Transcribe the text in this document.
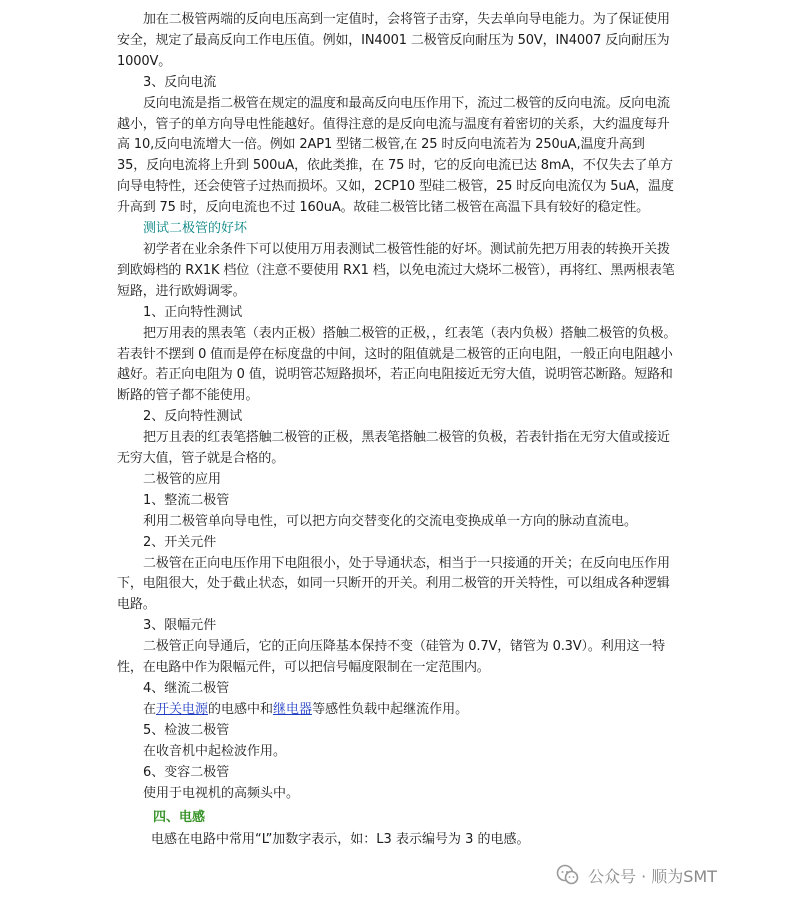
加在二极管两端的反向电压高到一定值时，会将管子击穿，失去单向导电能力。为了保证使用安全，规定了最高反向工作电压值。例如，IN4001 二极管反向耐压为 50V，IN4007 反向耐压为 1000V。

3、反向电流

反向电流是指二极管在规定的温度和最高反向电压作用下，流过二极管的反向电流。反向电流越小，管子的单方向导电性能越好。值得注意的是反向电流与温度有着密切的关系，大约温度每升高 10,反向电流增大一倍。例如 2AP1 型锗二极管,在 25 时反向电流若为 250uA,温度升高到 35，反向电流将上升到 500uA，依此类推，在 75 时，它的反向电流已达 8mA，不仅失去了单方向导电特性，还会使管子过热而损坏。又如，2CP10 型硅二极管，25 时反向电流仅为 5uA，温度升高到 75 时，反向电流也不过 160uA。故硅二极管比锗二极管在高温下具有较好的稳定性。

测试二极管的好坏

初学者在业余条件下可以使用万用表测试二极管性能的好坏。测试前先把万用表的转换开关拨到欧姆档的 RX1K 档位（注意不要使用 RX1 档，以免电流过大烧坏二极管），再将红、黑两根表笔短路，进行欧姆调零。

1、正向特性测试

把万用表的黑表笔（表内正极）搭触二极管的正极，，红表笔（表内负极）搭触二极管的负极。若表针不摆到 0 值而是停在标度盘的中间，这时的阻值就是二极管的正向电阻，一般正向电阻越小越好。若正向电阻为 0 值，说明管芯短路损坏，若正向电阻接近无穷大值，说明管芯断路。短路和断路的管子都不能使用。

2、反向特性测试

把万且表的红表笔搭触二极管的正极，黑表笔搭触二极管的负极，若表针指在无穷大值或接近无穷大值，管子就是合格的。

二极管的应用

1、整流二极管

利用二极管单向导电性，可以把方向交替变化的交流电变换成单一方向的脉动直流电。

2、开关元件

二极管在正向电压作用下电阻很小，处于导通状态，相当于一只接通的开关；在反向电压作用下，电阻很大，处于截止状态，如同一只断开的开关。利用二极管的开关特性，可以组成各种逻辑电路。

3、限幅元件

二极管正向导通后，它的正向压降基本保持不变（硅管为 0.7V，锗管为 0.3V）。利用这一特性，在电路中作为限幅元件，可以把信号幅度限制在一定范围内。

4、继流二极管

在开关电源的电感中和继电器等感性负载中起继流作用。

5、检波二极管

在收音机中起检波作用。

6、变容二极管

使用于电视机的高频头中。

四、电感

电感在电路中常用“L”加数字表示，如：L3 表示编号为 3 的电感。

公众号 · 顺为SMT
